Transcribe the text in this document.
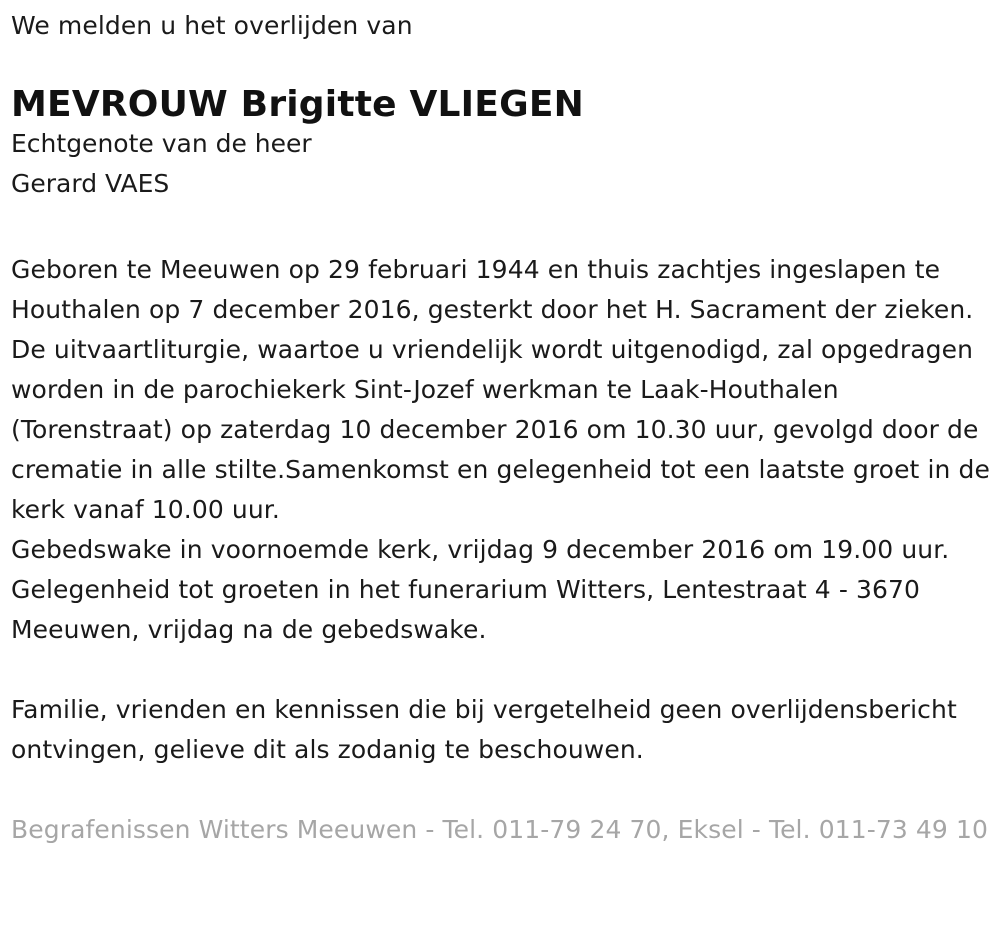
We melden u het overlijden van

MEVROUW Brigitte VLIEGEN
Echtgenote van de heer
Gerard VAES

Geboren te Meeuwen op 29 februari 1944 en thuis zachtjes ingeslapen te Houthalen op 7 december 2016, gesterkt door het H. Sacrament der zieken.

De uitvaartliturgie, waartoe u vriendelijk wordt uitgenodigd, zal opgedragen worden in de parochiekerk Sint-Jozef werkman te Laak-Houthalen (Torenstraat) op zaterdag 10 december 2016 om 10.30 uur, gevolgd door de crematie in alle stilte.Samenkomst en gelegenheid tot een laatste groet in de kerk vanaf 10.00 uur.

Gebedswake in voornoemde kerk, vrijdag 9 december 2016 om 19.00 uur.

Gelegenheid tot groeten in het funerarium Witters, Lentestraat 4 - 3670 Meeuwen, vrijdag na de gebedswake.

Familie, vrienden en kennissen die bij vergetelheid geen overlijdensbericht ontvingen, gelieve dit als zodanig te beschouwen.

Begrafenissen Witters Meeuwen - Tel. 011-79 24 70, Eksel - Tel. 011-73 49 10
